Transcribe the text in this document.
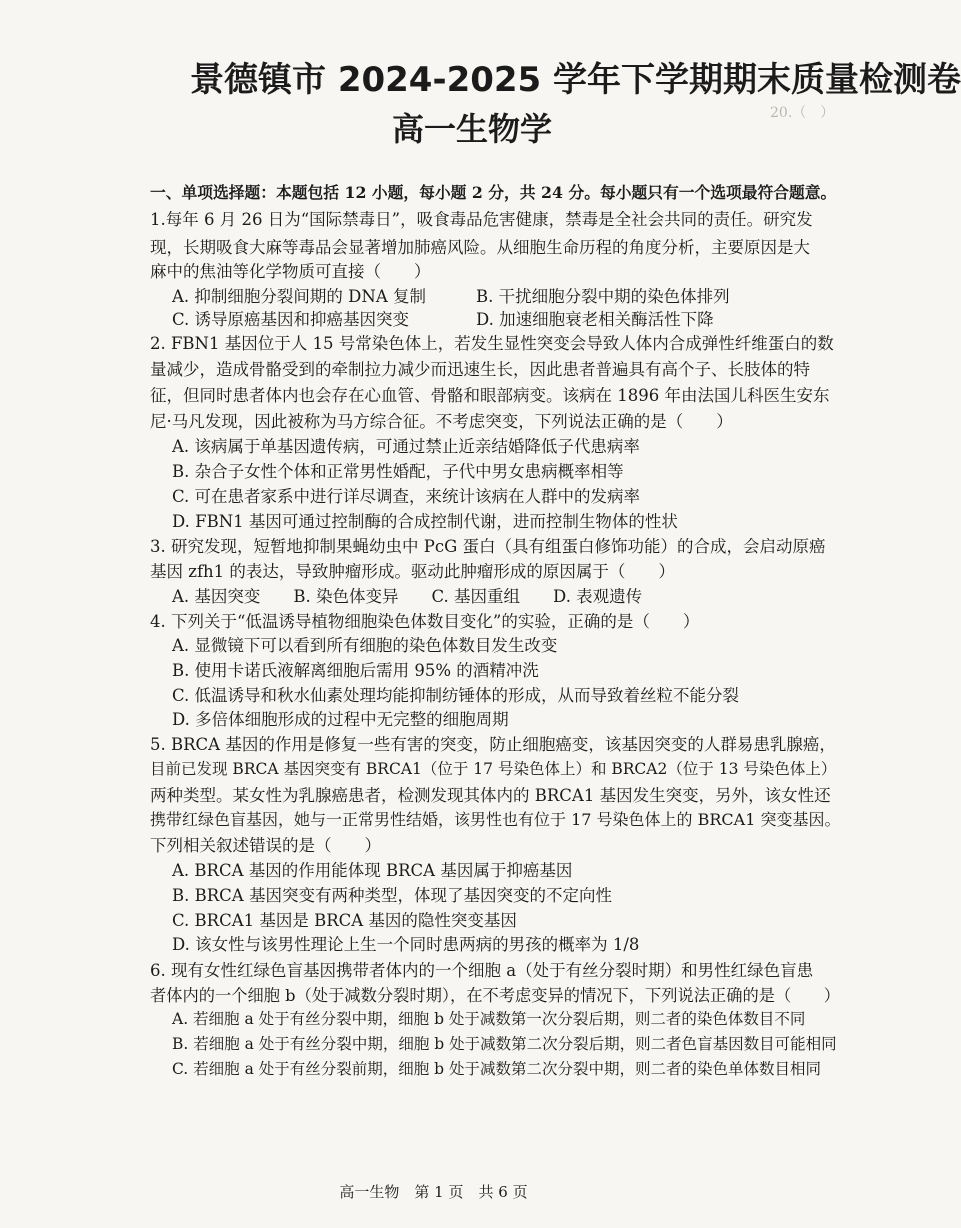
20.（　）
景德镇市 2024-2025 学年下学期期末质量检测卷
高一生物学
一、单项选择题：本题包括 12 小题，每小题 2 分，共 24 分。每小题只有一个选项最符合题意。
1.每年 6 月 26 日为“国际禁毒日”，吸食毒品危害健康，禁毒是全社会共同的责任。研究发
现，长期吸食大麻等毒品会显著增加肺癌风险。从细胞生命历程的角度分析，主要原因是大
麻中的焦油等化学物质可直接（　　）
A. 抑制细胞分裂间期的 DNA 复制	B. 干扰细胞分裂中期的染色体排列
C. 诱导原癌基因和抑癌基因突变	D. 加速细胞衰老相关酶活性下降
2. FBN1 基因位于人 15 号常染色体上，若发生显性突变会导致人体内合成弹性纤维蛋白的数
量减少，造成骨骼受到的牵制拉力减少而迅速生长，因此患者普遍具有高个子、长肢体的特
征，但同时患者体内也会存在心血管、骨骼和眼部病变。该病在 1896 年由法国儿科医生安东
尼·马凡发现，因此被称为马方综合征。不考虑突变，下列说法正确的是（　　）
A. 该病属于单基因遗传病，可通过禁止近亲结婚降低子代患病率
B. 杂合子女性个体和正常男性婚配，子代中男女患病概率相等
C. 可在患者家系中进行详尽调查，来统计该病在人群中的发病率
D. FBN1 基因可通过控制酶的合成控制代谢，进而控制生物体的性状
3. 研究发现，短暂地抑制果蝇幼虫中 PcG 蛋白（具有组蛋白修饰功能）的合成，会启动原癌
基因 zfh1 的表达，导致肿瘤形成。驱动此肿瘤形成的原因属于（　　）
A. 基因突变　　B. 染色体变异　　C. 基因重组　　D. 表观遗传
4. 下列关于“低温诱导植物细胞染色体数目变化”的实验，正确的是（　　）
A. 显微镜下可以看到所有细胞的染色体数目发生改变
B. 使用卡诺氏液解离细胞后需用 95% 的酒精冲洗
C. 低温诱导和秋水仙素处理均能抑制纺锤体的形成，从而导致着丝粒不能分裂
D. 多倍体细胞形成的过程中无完整的细胞周期
5. BRCA 基因的作用是修复一些有害的突变，防止细胞癌变，该基因突变的人群易患乳腺癌，
目前已发现 BRCA 基因突变有 BRCA1（位于 17 号染色体上）和 BRCA2（位于 13 号染色体上）
两种类型。某女性为乳腺癌患者，检测发现其体内的 BRCA1 基因发生突变，另外，该女性还
携带红绿色盲基因，她与一正常男性结婚，该男性也有位于 17 号染色体上的 BRCA1 突变基因。
下列相关叙述错误的是（　　）
A. BRCA 基因的作用能体现 BRCA 基因属于抑癌基因
B. BRCA 基因突变有两种类型，体现了基因突变的不定向性
C. BRCA1 基因是 BRCA 基因的隐性突变基因
D. 该女性与该男性理论上生一个同时患两病的男孩的概率为 1/8
6. 现有女性红绿色盲基因携带者体内的一个细胞 a（处于有丝分裂时期）和男性红绿色盲患
者体内的一个细胞 b（处于减数分裂时期），在不考虑变异的情况下，下列说法正确的是（　　）
A. 若细胞 a 处于有丝分裂中期，细胞 b 处于减数第一次分裂后期，则二者的染色体数目不同
B. 若细胞 a 处于有丝分裂中期，细胞 b 处于减数第二次分裂后期，则二者色盲基因数目可能相同
C. 若细胞 a 处于有丝分裂前期，细胞 b 处于减数第二次分裂中期，则二者的染色单体数目相同
高一生物　第 1 页　共 6 页
